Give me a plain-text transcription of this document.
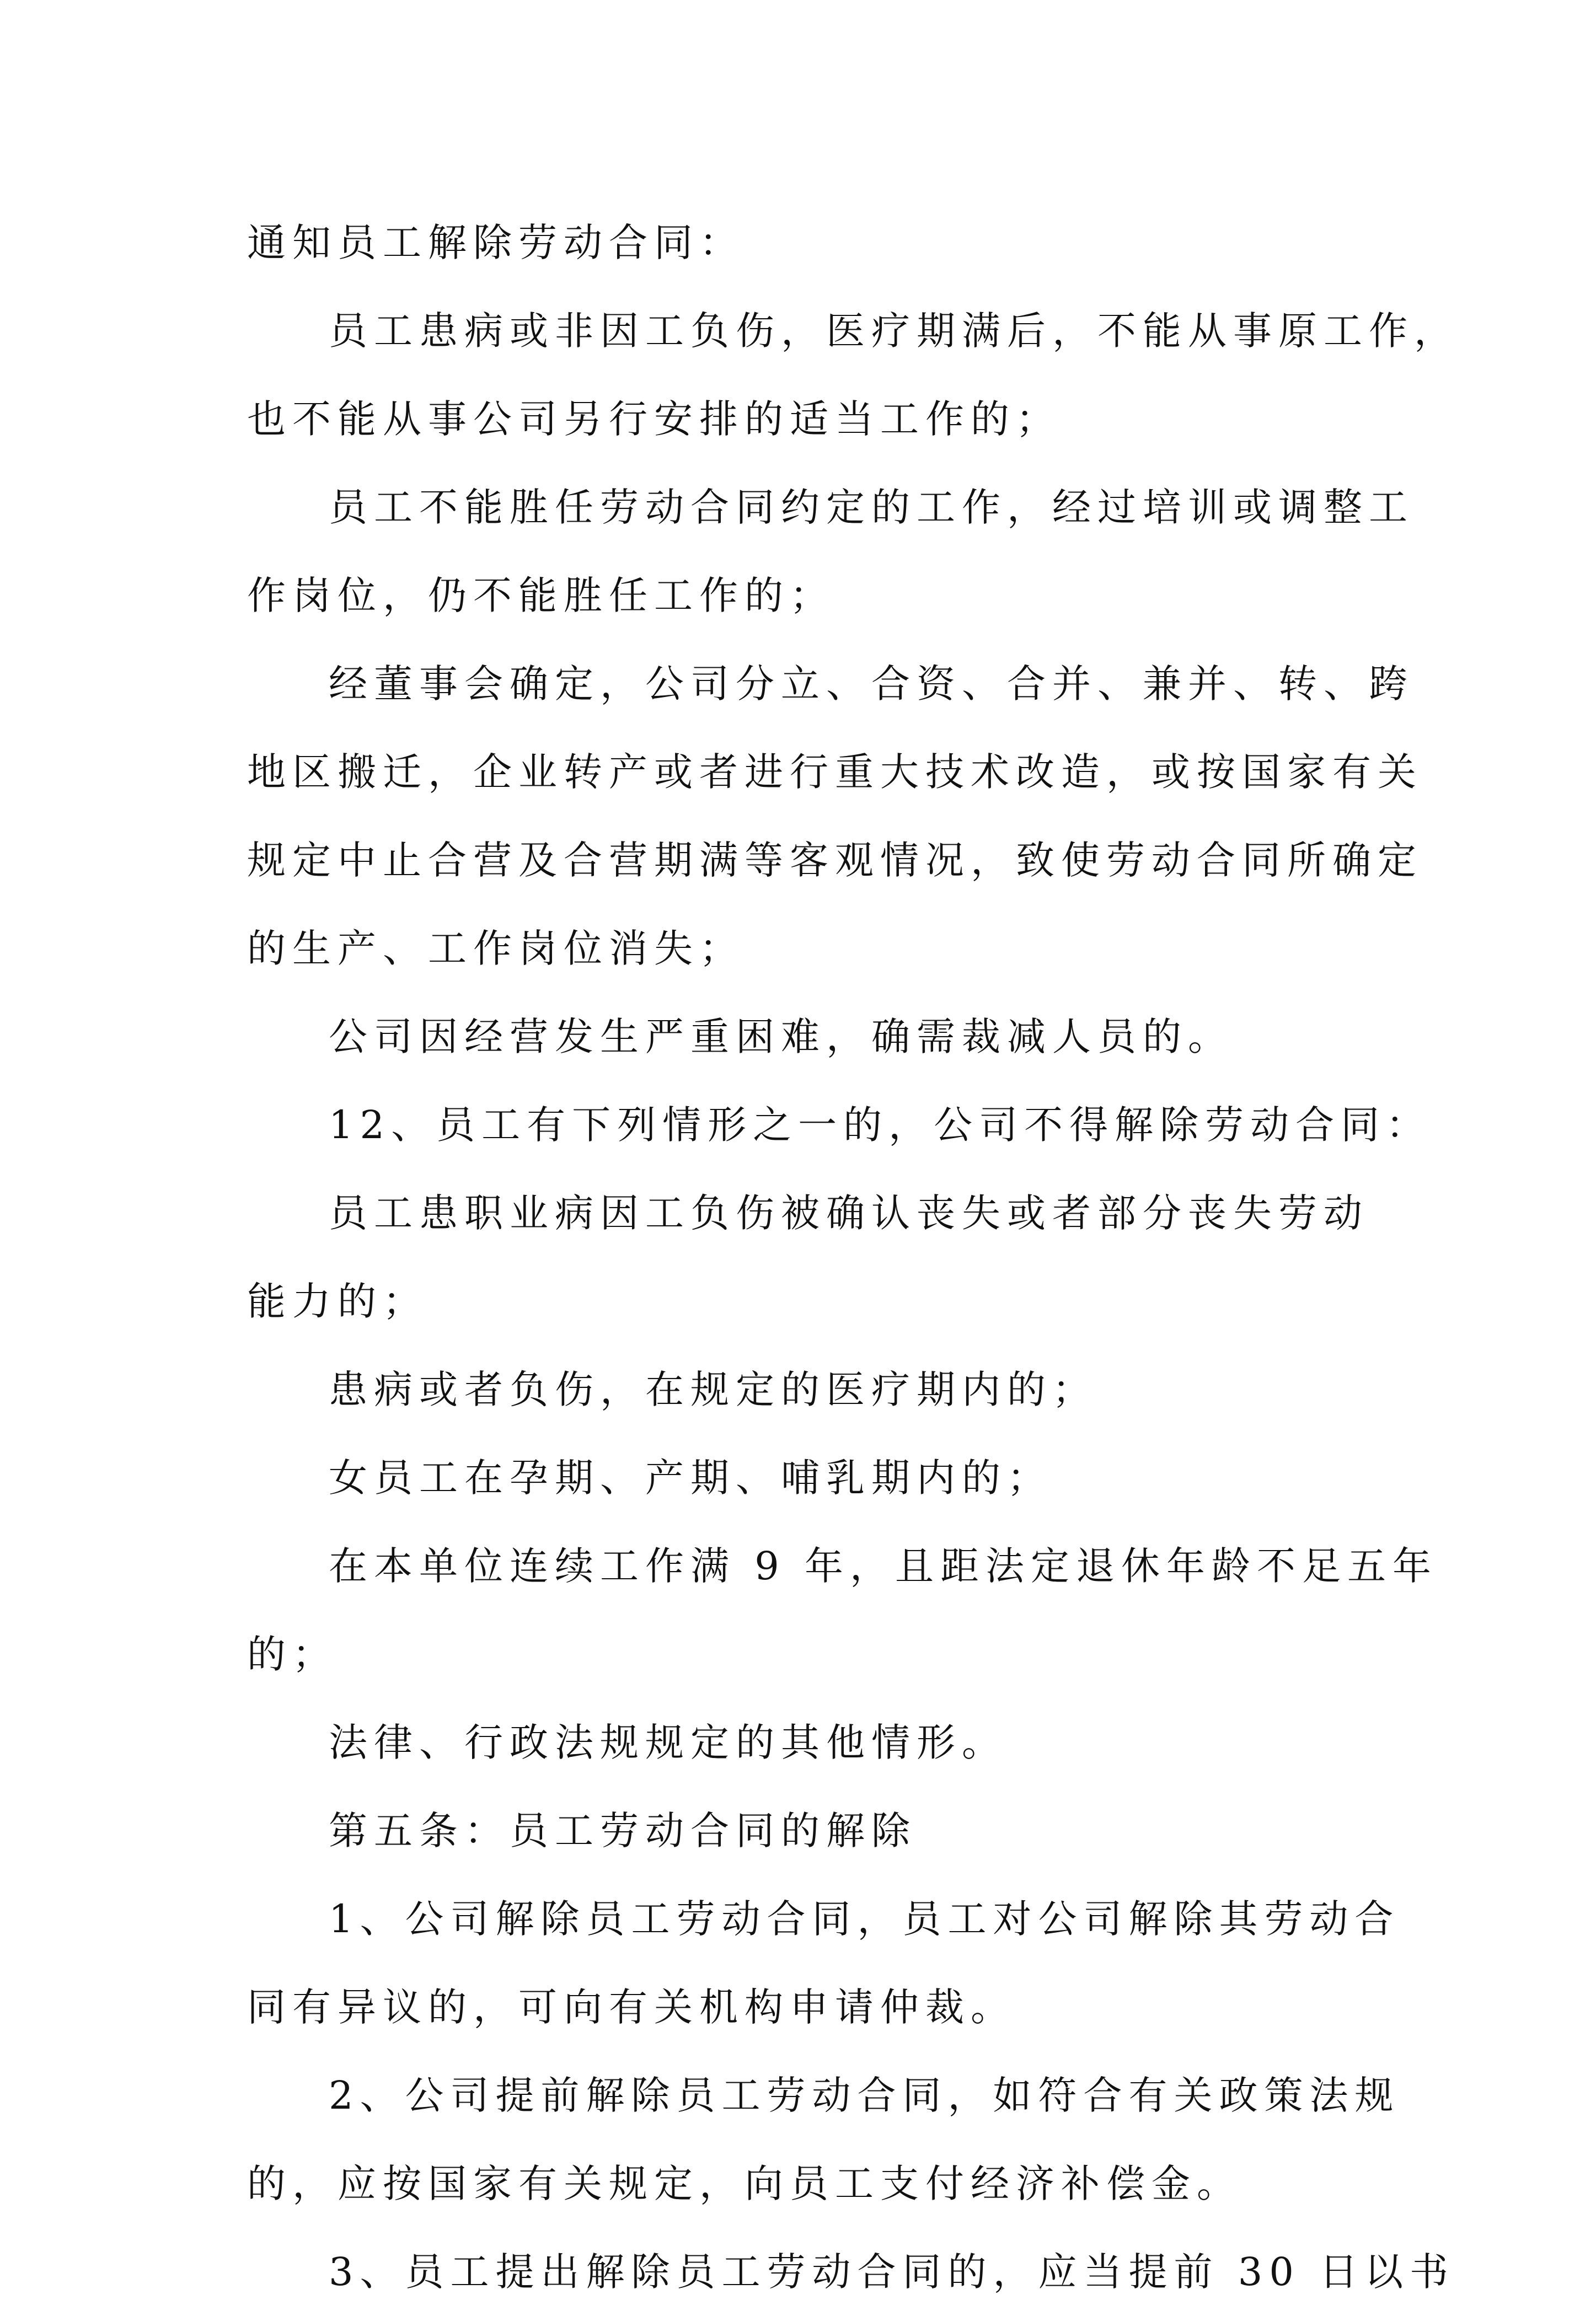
通知员工解除劳动合同：
员工患病或非因工负伤，医疗期满后，不能从事原工作，
也不能从事公司另行安排的适当工作的；
员工不能胜任劳动合同约定的工作，经过培训或调整工
作岗位，仍不能胜任工作的；
经董事会确定，公司分立、合资、合并、兼并、转、跨
地区搬迁，企业转产或者进行重大技术改造，或按国家有关
规定中止合营及合营期满等客观情况，致使劳动合同所确定
的生产、工作岗位消失；
公司因经营发生严重困难，确需裁减人员的。
12、员工有下列情形之一的，公司不得解除劳动合同：
员工患职业病因工负伤被确认丧失或者部分丧失劳动
能力的；
患病或者负伤，在规定的医疗期内的；
女员工在孕期、产期、哺乳期内的；
在本单位连续工作满 9 年，且距法定退休年龄不足五年
的；
法律、行政法规规定的其他情形。
第五条：员工劳动合同的解除
1、公司解除员工劳动合同，员工对公司解除其劳动合
同有异议的，可向有关机构申请仲裁。
2、公司提前解除员工劳动合同，如符合有关政策法规
的，应按国家有关规定，向员工支付经济补偿金。
3、员工提出解除员工劳动合同的，应当提前 30 日以书
